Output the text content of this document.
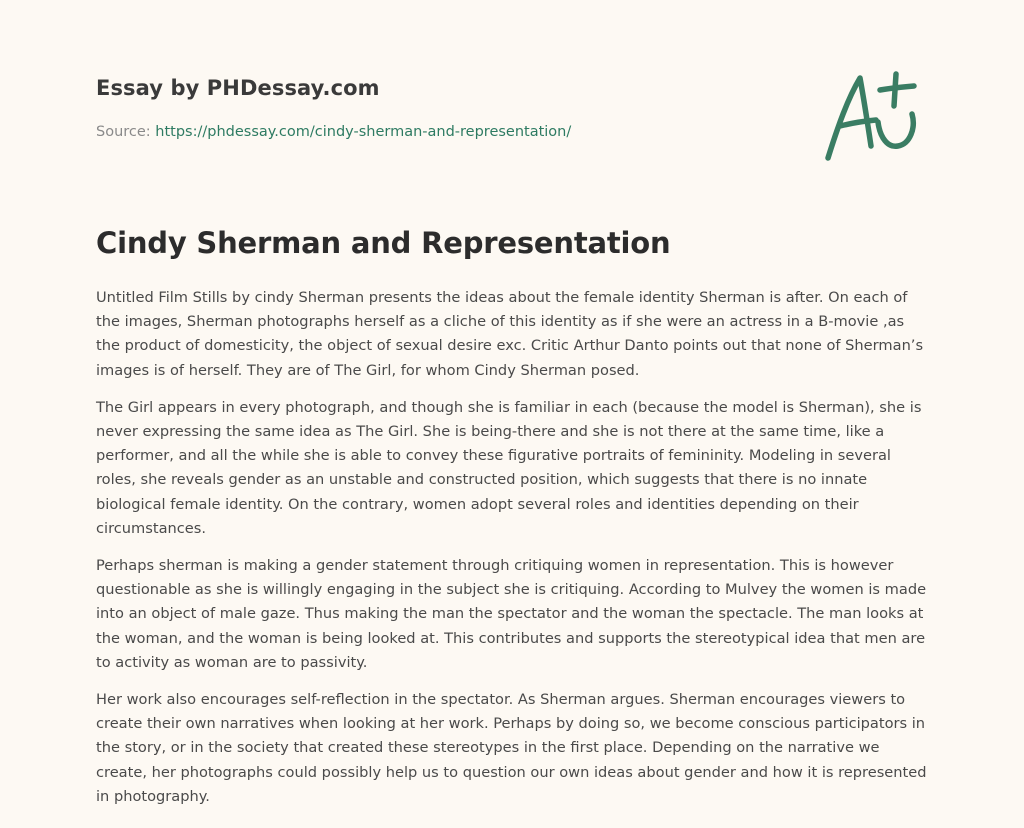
Essay by PHDessay.com
Source: https://phdessay.com/cindy-sherman-and-representation/
Cindy Sherman and Representation

Untitled Film Stills by cindy Sherman presents the ideas about the female identity Sherman is after. On each of the images, Sherman photographs herself as a cliche of this identity as if she were an actress in a B-movie ,as the product of domesticity, the object of sexual desire exc. Critic Arthur Danto points out that none of Sherman’s images is of herself. They are of The Girl, for whom Cindy Sherman posed.

The Girl appears in every photograph, and though she is familiar in each (because the model is Sherman), she is never expressing the same idea as The Girl. She is being-there and she is not there at the same time, like a performer, and all the while she is able to convey these figurative portraits of femininity. Modeling in several roles, she reveals gender as an unstable and constructed position, which suggests that there is no innate biological female identity. On the contrary, women adopt several roles and identities depending on their circumstances.

Perhaps sherman is making a gender statement through critiquing women in representation. This is however questionable as she is willingly engaging in the subject she is critiquing. According to Mulvey the women is made into an object of male gaze. Thus making the man the spectator and the woman the spectacle. The man looks at the woman, and the woman is being looked at. This contributes and supports the stereotypical idea that men are to activity as woman are to passivity.

Her work also encourages self-reflection in the spectator. As Sherman argues. Sherman encourages viewers to create their own narratives when looking at her work. Perhaps by doing so, we become conscious participators in the story, or in the society that created these stereotypes in the first place. Depending on the narrative we create, her photographs could possibly help us to question our own ideas about gender and how it is represented in photography.
